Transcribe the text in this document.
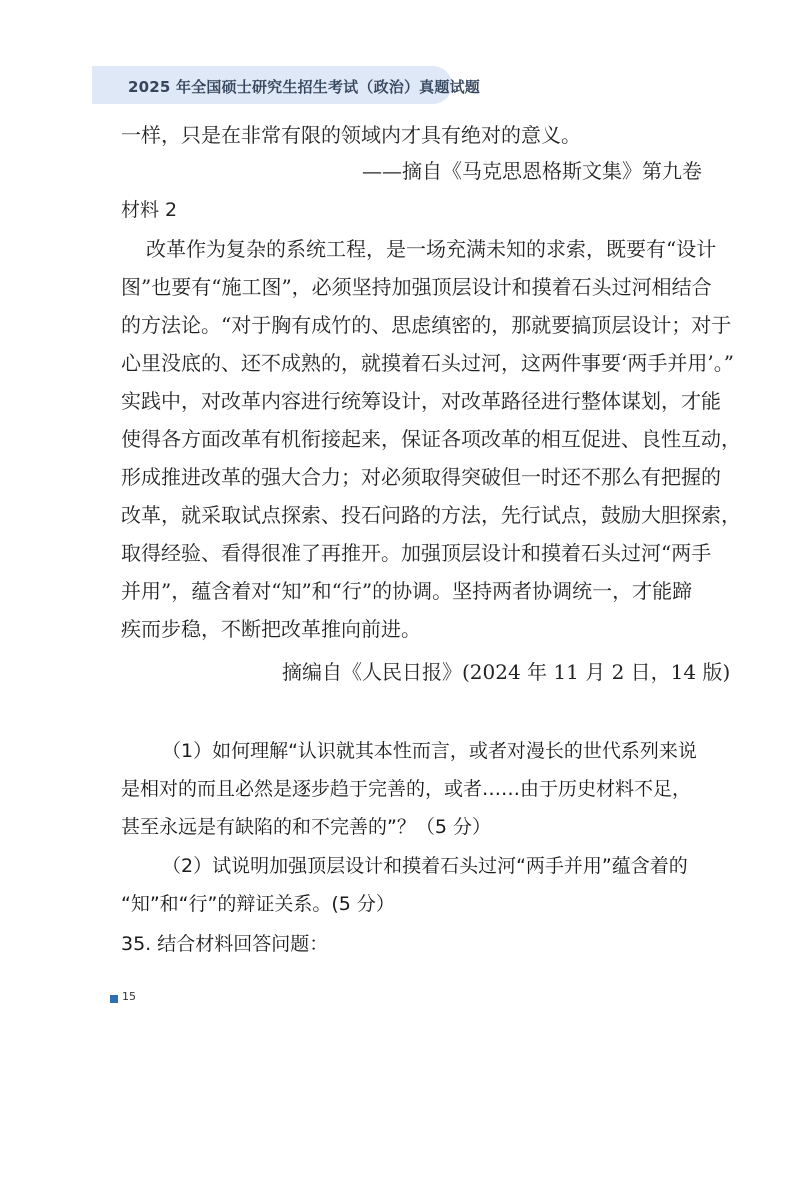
2025 年全国硕士研究生招生考试（政治）真题试题
一样，只是在非常有限的领域内才具有绝对的意义。
——摘自《马克思恩格斯文集》第九卷
材料 2
改革作为复杂的系统工程，是一场充满未知的求索，既要有“设计
图”也要有“施工图”，必须坚持加强顶层设计和摸着石头过河相结合
的方法论。“对于胸有成竹的、思虑缜密的，那就要搞顶层设计；对于
心里没底的、还不成熟的，就摸着石头过河，这两件事要‘两手并用’。”
实践中，对改革内容进行统筹设计，对改革路径进行整体谋划，才能
使得各方面改革有机衔接起来，保证各项改革的相互促进、良性互动，
形成推进改革的强大合力；对必须取得突破但一时还不那么有把握的
改革，就采取试点探索、投石问路的方法，先行试点，鼓励大胆探索，
取得经验、看得很准了再推开。加强顶层设计和摸着石头过河“两手
并用”，蕴含着对“知”和“行”的协调。坚持两者协调统一，才能蹄
疾而步稳，不断把改革推向前进。
摘编自《人民日报》(2024 年 11 月 2 日，14 版)
（1）如何理解“认识就其本性而言，或者对漫长的世代系列来说
是相对的而且必然是逐步趋于完善的，或者……由于历史材料不足，
甚至永远是有缺陷的和不完善的”？（5 分）
（2）试说明加强顶层设计和摸着石头过河“两手并用”蕴含着的
“知”和“行”的辩证关系。(5 分）
35. 结合材料回答问题：
15
